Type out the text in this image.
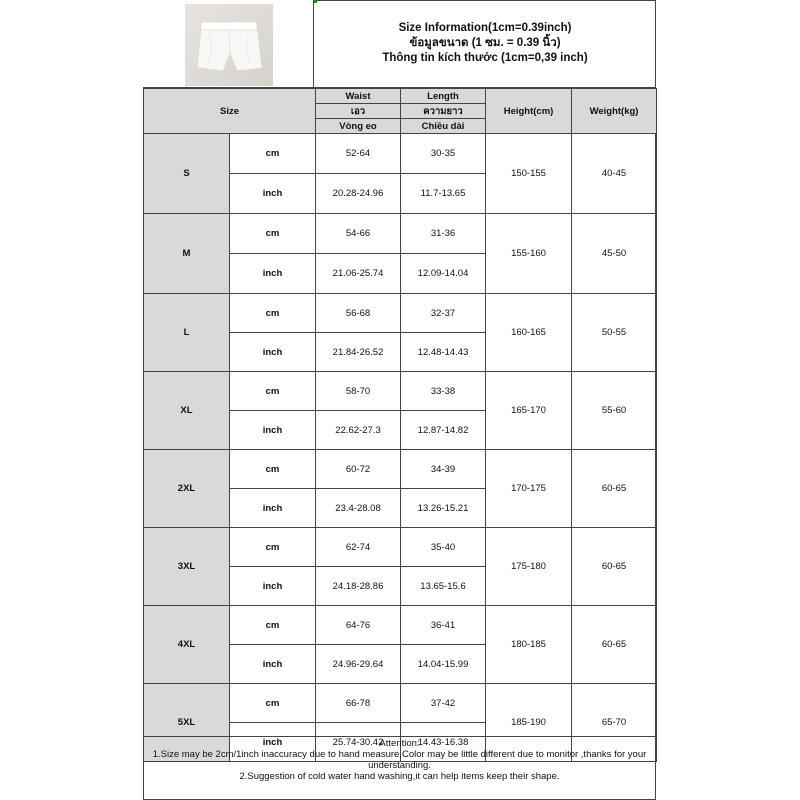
Size Information(1cm=0.39inch)
ข้อมูลขนาด (1 ซม. = 0.39 นิ้ว)
Thông tin kích thước (1cm=0,39 inch)
Size		Waist	Length	Height(cm)	Weight(kg)
		เอว	ความยาว		
		Vòng eo	Chiều dài		
S	cm	52-64	30-35	150-155	40-45
	inch	20.28-24.96	11.7-13.65		
M	cm	54-66	31-36	155-160	45-50
	inch	21.06-25.74	12.09-14.04		
L	cm	56-68	32-37	160-165	50-55
	inch	21.84-26.52	12.48-14.43		
XL	cm	58-70	33-38	165-170	55-60
	inch	22.62-27.3	12.87-14.82		
2XL	cm	60-72	34-39	170-175	60-65
	inch	23.4-28.08	13.26-15.21		
3XL	cm	62-74	35-40	175-180	60-65
	inch	24.18-28.86	13.65-15.6		
4XL	cm	64-76	36-41	180-185	60-65
	inch	24.96-29.64	14.04-15.99		
5XL	cm	66-78	37-42	185-190	65-70
	inch	25.74-30.42	14.43-16.38		

Attention:

1.Size may be 2cm/1inch inaccuracy due to hand measure,Color may be little different due to monitor ,thanks for your understanding.

2.Suggestion of cold water hand washing,it can help items keep their shape.
